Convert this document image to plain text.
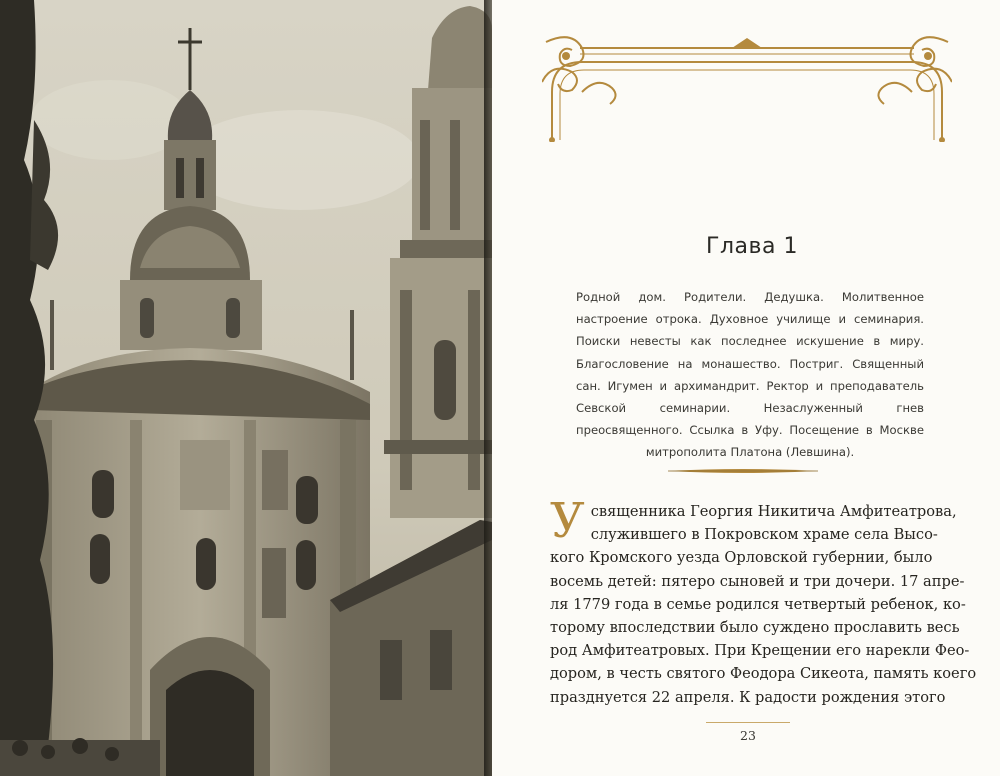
Глава 1
Родной дом. Родители. Дедушка. Молитвенное настроение отрока. Духовное училище и семинария. Поиски невесты как последнее искушение в миру. Благословение на монашество. Постриг. Священный сан. Игумен и архимандрит. Ректор и преподаватель Севской семинарии. Незаслуженный гнев преосвященного. Ссылка в Уфу. Посещение в Москве митрополита Платона (Левшина).
У священника Георгия Никитича Амфитеатрова,
служившего в Покровском храме села Высо-
кого Кромского уезда Орловской губернии, было
восемь детей: пятеро сыновей и три дочери. 17 апре-
ля 1779 года в семье родился четвертый ребенок, ко-
торому впоследствии было суждено прославить весь
род Амфитеатровых. При Крещении его нарекли Фео-
дором, в честь святого Феодора Сикеота, память коего
празднуется 22 апреля. К радости рождения этого
23
